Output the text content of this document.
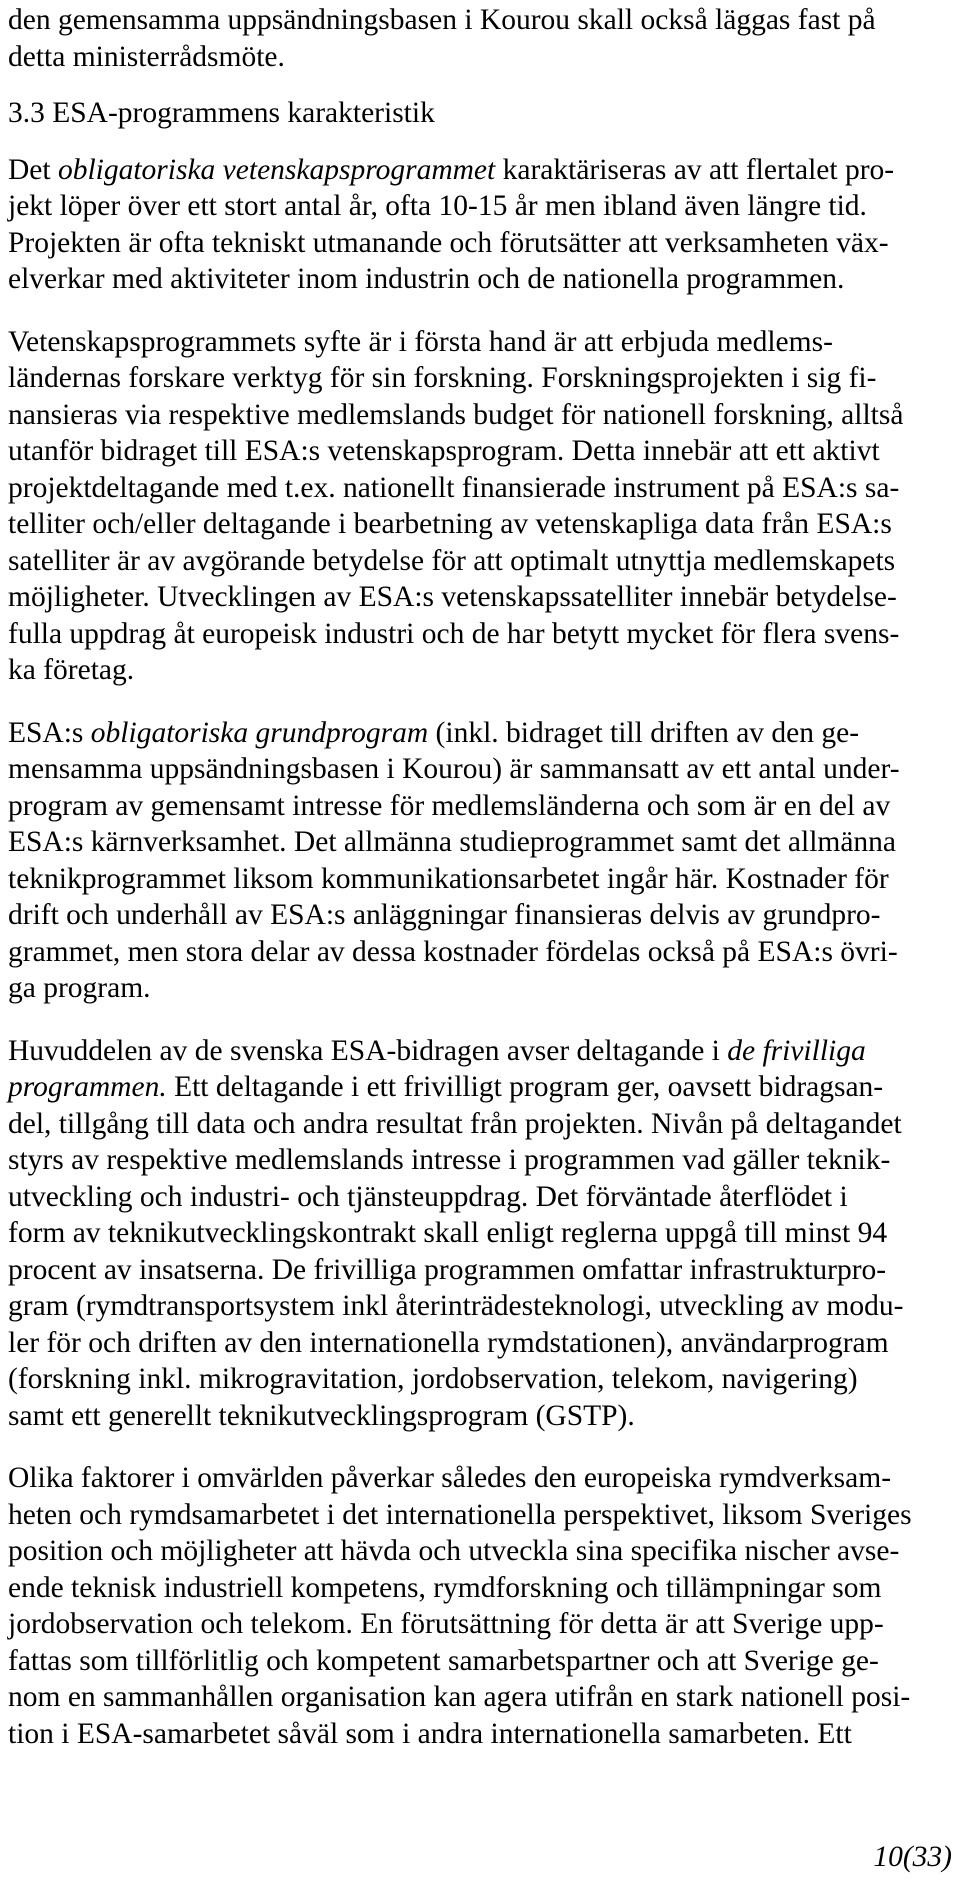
den gemensamma uppsändningsbasen i Kourou skall också läggas fast på
detta ministerrådsmöte.
3.3 ESA-programmens karakteristik
Det obligatoriska vetenskapsprogrammet karaktäriseras av att flertalet pro-
jekt löper över ett stort antal år, ofta 10-15 år men ibland även längre tid.
Projekten är ofta tekniskt utmanande och förutsätter att verksamheten väx-
elverkar med aktiviteter inom industrin och de nationella programmen.
Vetenskapsprogrammets syfte är i första hand är att erbjuda medlems-
ländernas forskare verktyg för sin forskning. Forskningsprojekten i sig fi-
nansieras via respektive medlemslands budget för nationell forskning, alltså
utanför bidraget till ESA:s vetenskapsprogram. Detta innebär att ett aktivt
projektdeltagande med t.ex. nationellt finansierade instrument på ESA:s sa-
telliter och/eller deltagande i bearbetning av vetenskapliga data från ESA:s
satelliter är av avgörande betydelse för att optimalt utnyttja medlemskapets
möjligheter. Utvecklingen av ESA:s vetenskapssatelliter innebär betydelse-
fulla uppdrag åt europeisk industri och de har betytt mycket för flera svens-
ka företag.
ESA:s obligatoriska grundprogram (inkl. bidraget till driften av den ge-
mensamma uppsändningsbasen i Kourou) är sammansatt av ett antal under-
program av gemensamt intresse för medlemsländerna och som är en del av
ESA:s kärnverksamhet. Det allmänna studieprogrammet samt det allmänna
teknikprogrammet liksom kommunikationsarbetet ingår här. Kostnader för
drift och underhåll av ESA:s anläggningar finansieras delvis av grundpro-
grammet, men stora delar av dessa kostnader fördelas också på ESA:s övri-
ga program.
Huvuddelen av de svenska ESA-bidragen avser deltagande i de frivilliga
programmen. Ett deltagande i ett frivilligt program ger, oavsett bidragsan-
del, tillgång till data och andra resultat från projekten. Nivån på deltagandet
styrs av respektive medlemslands intresse i programmen vad gäller teknik-
utveckling och industri- och tjänsteuppdrag. Det förväntade återflödet i
form av teknikutvecklingskontrakt skall enligt reglerna uppgå till minst 94
procent av insatserna. De frivilliga programmen omfattar infrastrukturpro-
gram (rymdtransportsystem inkl återinträdesteknologi, utveckling av modu-
ler för och driften av den internationella rymdstationen), användarprogram
(forskning inkl. mikrogravitation, jordobservation, telekom, navigering)
samt ett generellt teknikutvecklingsprogram (GSTP).
Olika faktorer i omvärlden påverkar således den europeiska rymdverksam-
heten och rymdsamarbetet i det internationella perspektivet, liksom Sveriges
position och möjligheter att hävda och utveckla sina specifika nischer avse-
ende teknisk industriell kompetens, rymdforskning och tillämpningar som
jordobservation och telekom. En förutsättning för detta är att Sverige upp-
fattas som tillförlitlig och kompetent samarbetspartner och att Sverige ge-
nom en sammanhållen organisation kan agera utifrån en stark nationell posi-
tion i ESA-samarbetet såväl som i andra internationella samarbeten. Ett
10(33)
